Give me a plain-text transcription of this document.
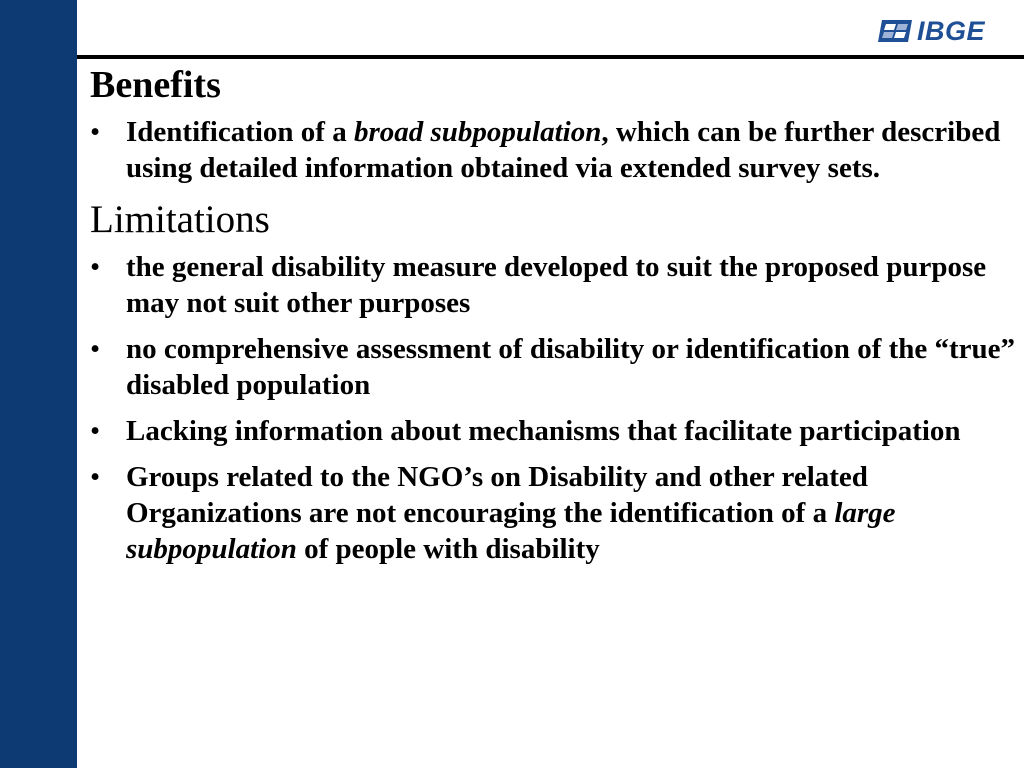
IBGE
Benefits
• Identification of a broad subpopulation, which can be further described using detailed information obtained via extended survey sets.
Limitations
• the general disability measure developed to suit the proposed purpose may not suit other purposes
• no comprehensive assessment of disability or identification of the “true” disabled population
• Lacking information about mechanisms that facilitate participation
• Groups related to the NGO’s on Disability and other related Organizations are not encouraging the identification of a large subpopulation of people with disability
